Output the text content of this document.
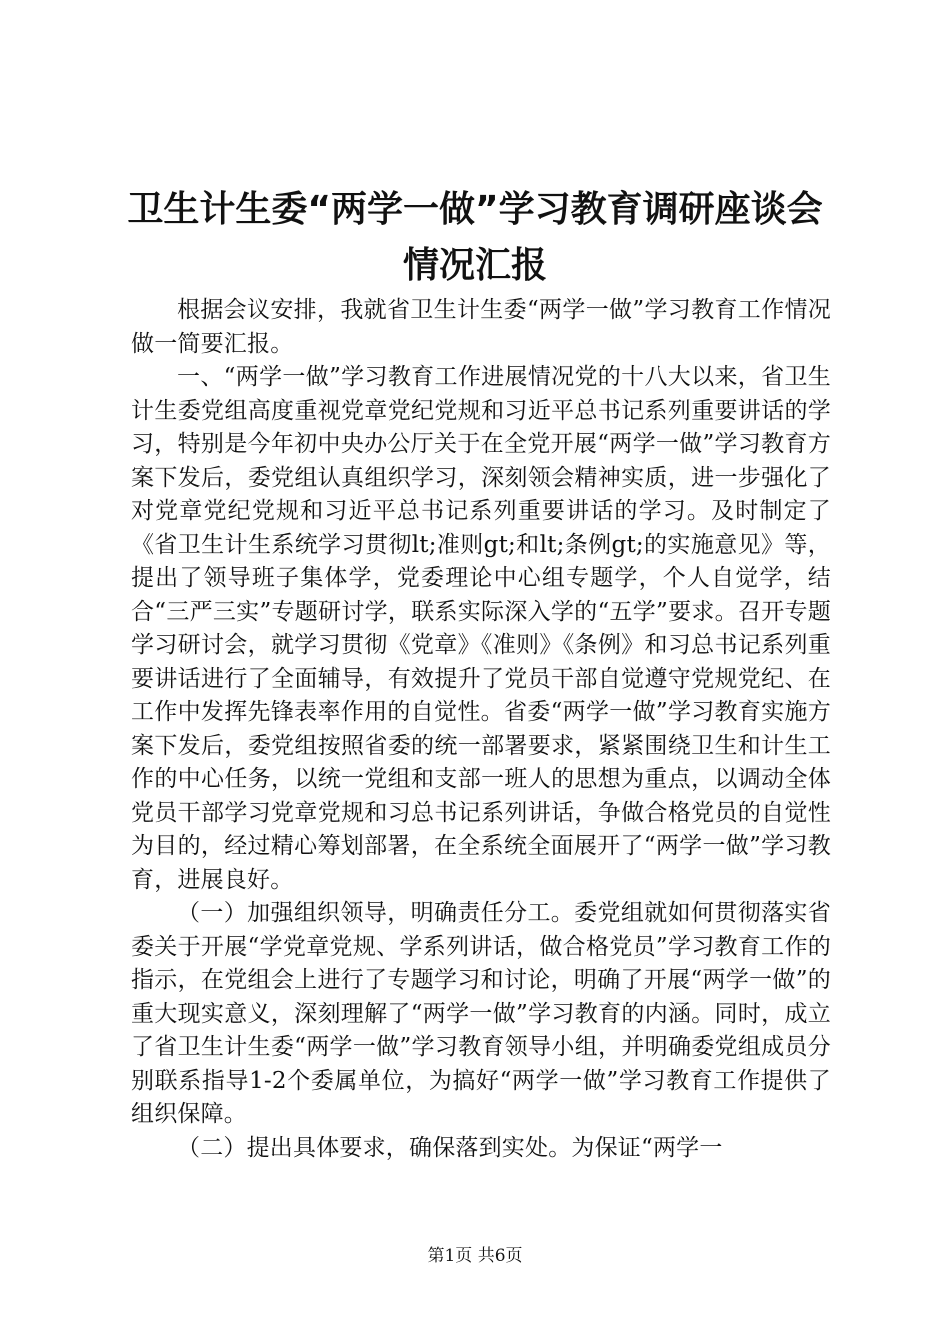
卫生计生委“两学一做”学习教育调研座谈会情况汇报

根据会议安排，我就省卫生计生委“两学一做”学习教育工作情况做一简要汇报。

一、“两学一做”学习教育工作进展情况党的十八大以来，省卫生计生委党组高度重视党章党纪党规和习近平总书记系列重要讲话的学习，特别是今年初中央办公厅关于在全党开展“两学一做”学习教育方案下发后，委党组认真组织学习，深刻领会精神实质，进一步强化了对党章党纪党规和习近平总书记系列重要讲话的学习。及时制定了《省卫生计生系统学习贯彻lt;准则gt;和lt;条例gt;的实施意见》等，提出了领导班子集体学，党委理论中心组专题学，个人自觉学，结合“三严三实”专题研讨学，联系实际深入学的“五学”要求。召开专题学习研讨会，就学习贯彻《党章》《准则》《条例》和习总书记系列重要讲话进行了全面辅导，有效提升了党员干部自觉遵守党规党纪、在工作中发挥先锋表率作用的自觉性。省委“两学一做”学习教育实施方案下发后，委党组按照省委的统一部署要求，紧紧围绕卫生和计生工作的中心任务，以统一党组和支部一班人的思想为重点，以调动全体党员干部学习党章党规和习总书记系列讲话，争做合格党员的自觉性为目的，经过精心筹划部署，在全系统全面展开了“两学一做”学习教育，进展良好。

（一）加强组织领导，明确责任分工。委党组就如何贯彻落实省委关于开展“学党章党规、学系列讲话，做合格党员”学习教育工作的指示，在党组会上进行了专题学习和讨论，明确了开展“两学一做”的重大现实意义，深刻理解了“两学一做”学习教育的内涵。同时，成立了省卫生计生委“两学一做”学习教育领导小组，并明确委党组成员分别联系指导1-2个委属单位，为搞好“两学一做”学习教育工作提供了组织保障。

（二）提出具体要求，确保落到实处。为保证“两学一

第1页 共6页
